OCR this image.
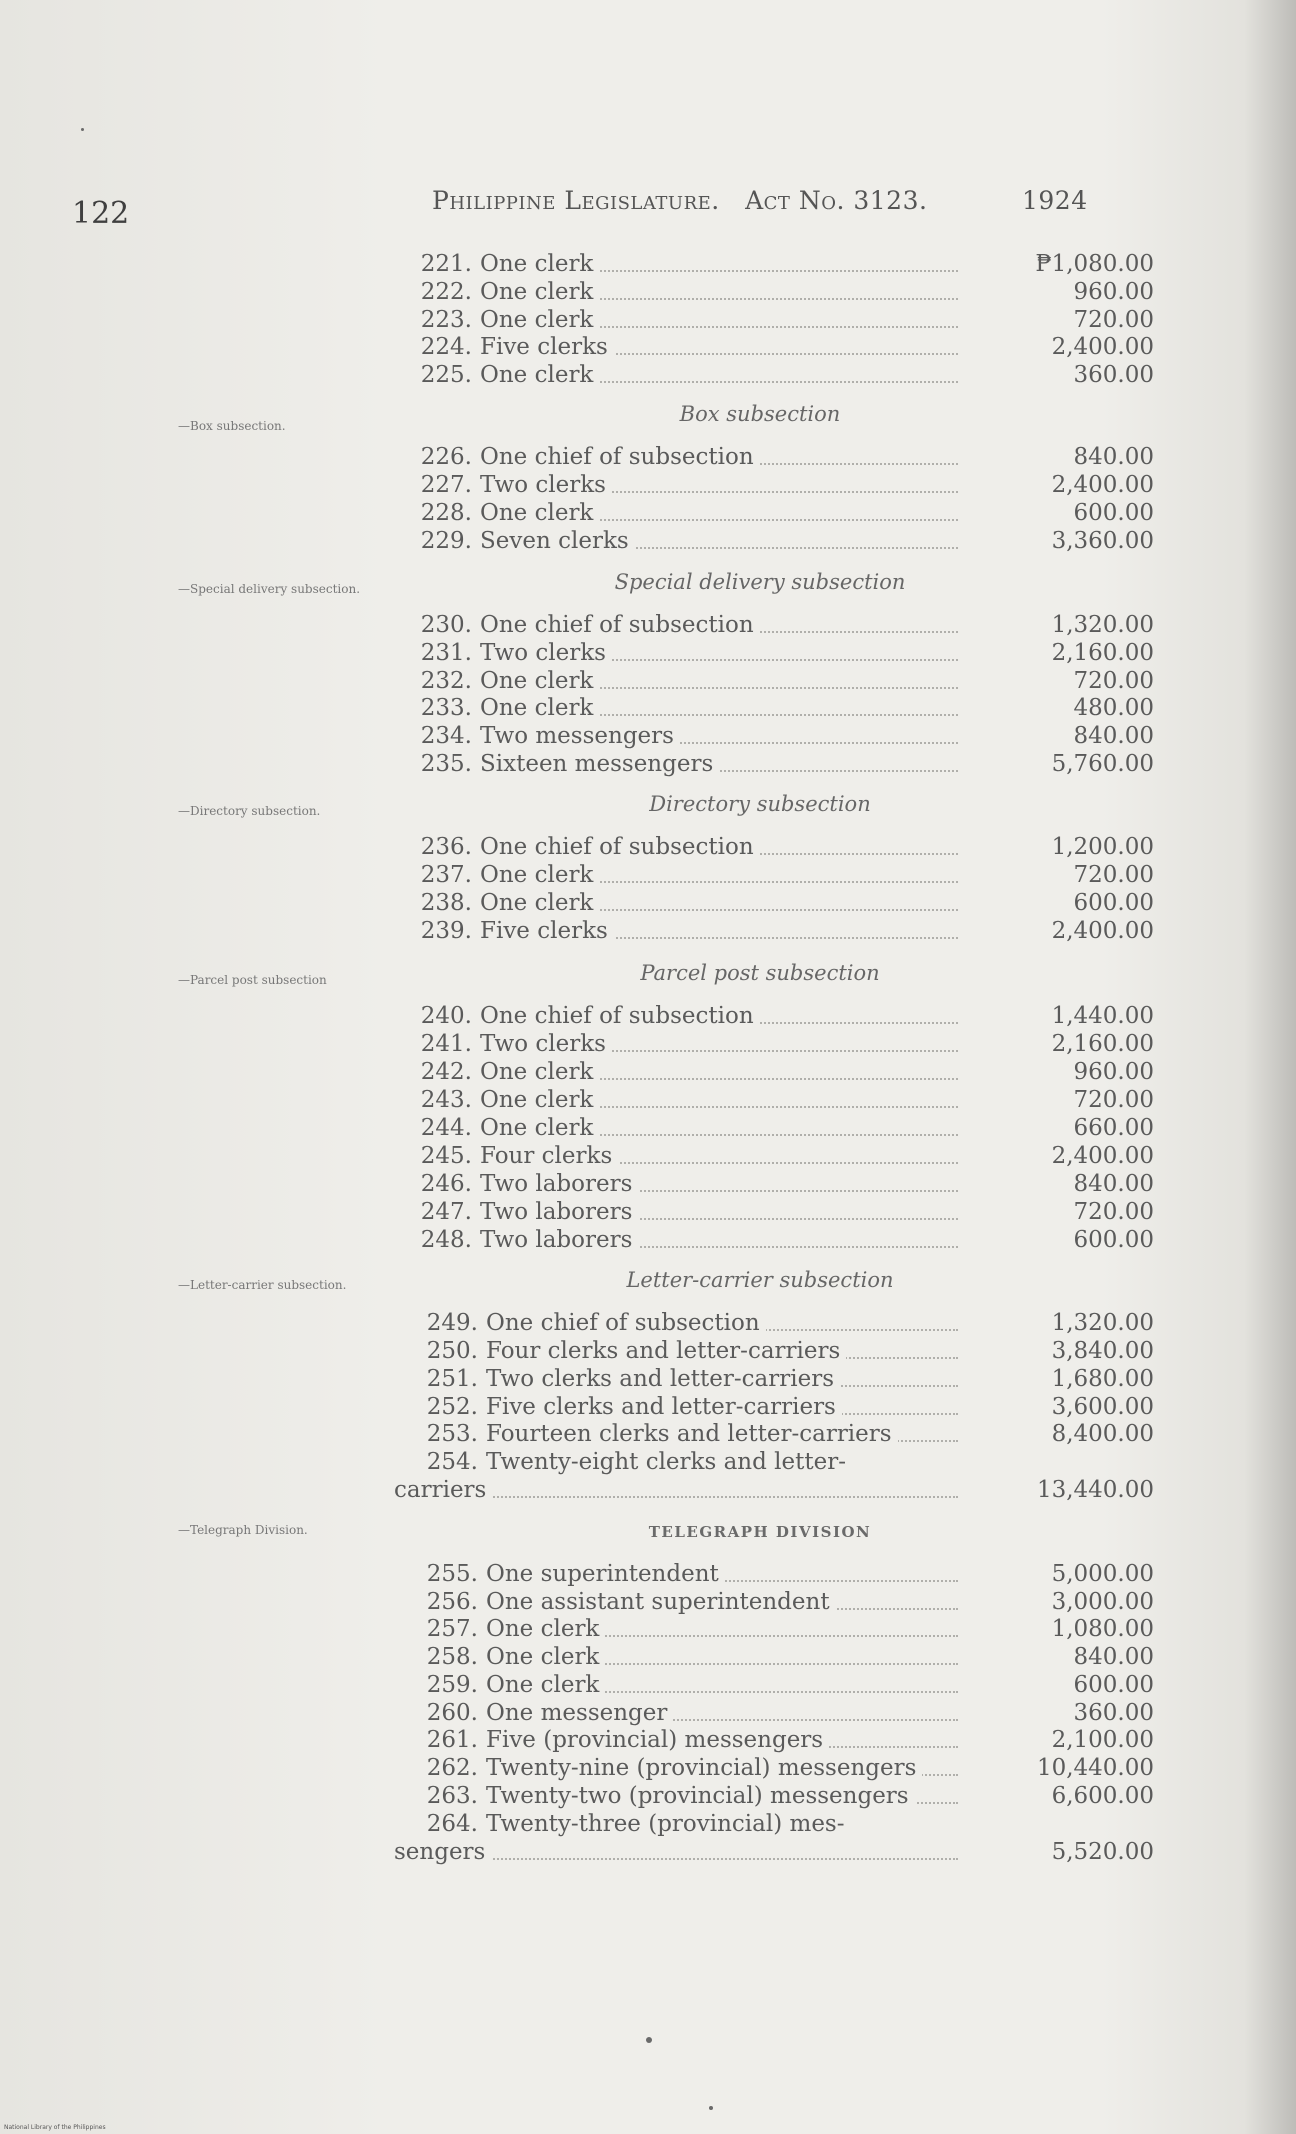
122	Philippine Legislature. Act No. 3123.	1924
221. One clerk	₱1,080.00
222. One clerk	960.00
223. One clerk	720.00
224. Five clerks	2,400.00
225. One clerk	360.00
Box subsection
226. One chief of subsection	840.00
227. Two clerks	2,400.00
228. One clerk	600.00
229. Seven clerks	3,360.00
Special delivery subsection
230. One chief of subsection	1,320.00
231. Two clerks	2,160.00
232. One clerk	720.00
233. One clerk	480.00
234. Two messengers	840.00
235. Sixteen messengers	5,760.00
Directory subsection
236. One chief of subsection	1,200.00
237. One clerk	720.00
238. One clerk	600.00
239. Five clerks	2,400.00
Parcel post subsection
240. One chief of subsection	1,440.00
241. Two clerks	2,160.00
242. One clerk	960.00
243. One clerk	720.00
244. One clerk	660.00
245. Four clerks	2,400.00
246. Two laborers	840.00
247. Two laborers	720.00
248. Two laborers	600.00
Letter-carrier subsection
249. One chief of subsection	1,320.00
250. Four clerks and letter-carriers	3,840.00
251. Two clerks and letter-carriers	1,680.00
252. Five clerks and letter-carriers	3,600.00
253. Fourteen clerks and letter-carriers	8,400.00
254. Twenty-eight clerks and letter-
carriers	13,440.00
TELEGRAPH DIVISION
255. One superintendent	5,000.00
256. One assistant superintendent	3,000.00
257. One clerk	1,080.00
258. One clerk	840.00
259. One clerk	600.00
260. One messenger	360.00
261. Five (provincial) messengers	2,100.00
262. Twenty-nine (provincial) messengers	10,440.00
263. Twenty-two (provincial) messengers	6,600.00
264. Twenty-three (provincial) mes-
sengers	5,520.00
—Box subsection.
—Special delivery subsection.
—Directory subsection.
—Parcel post subsection
—Letter-carrier subsection.
—Telegraph Division.
National Library of the Philippines
